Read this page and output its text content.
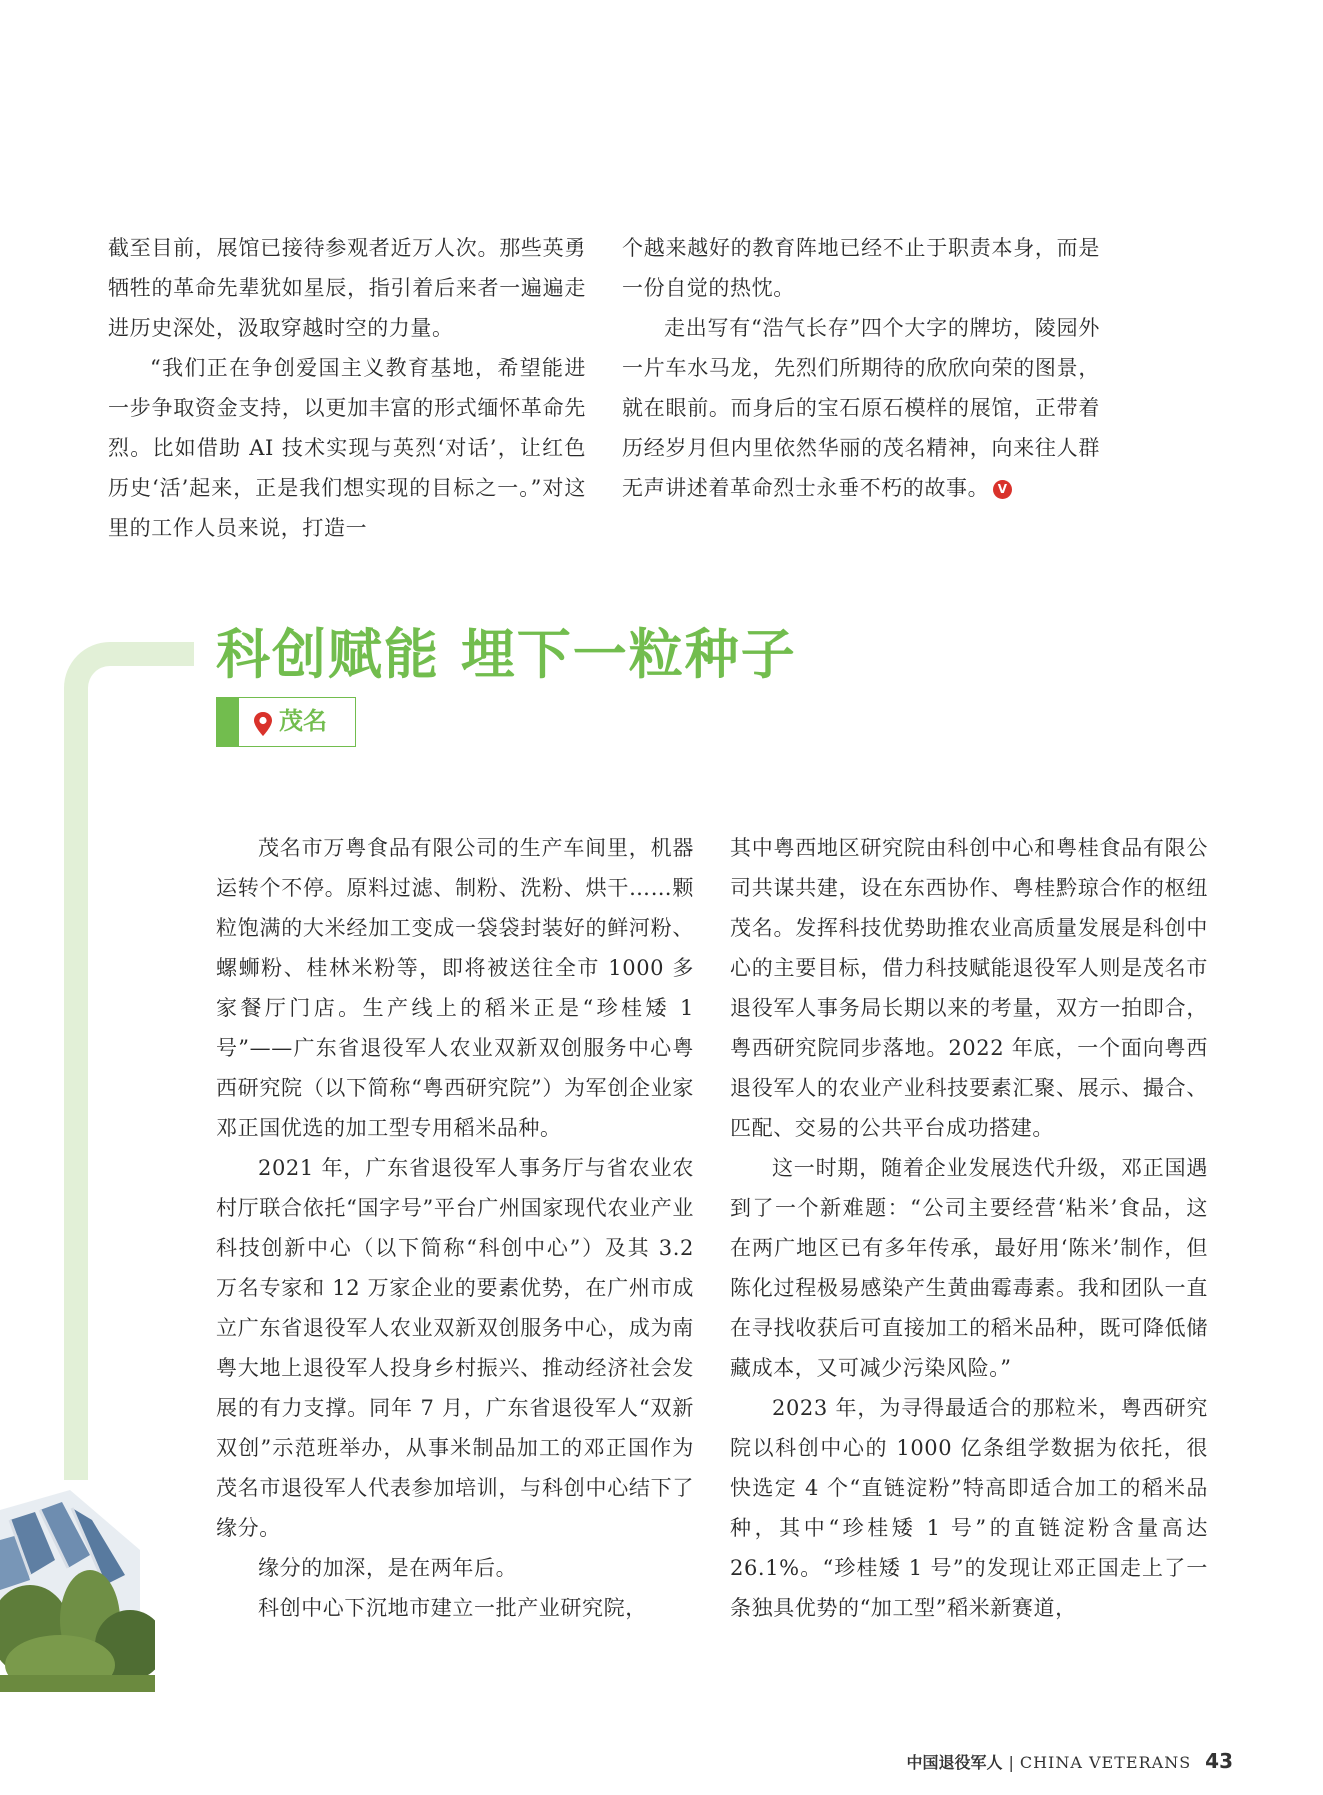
截至目前，展馆已接待参观者近万人次。那些英勇牺牲的革命先辈犹如星辰，指引着后来者一遍遍走进历史深处，汲取穿越时空的力量。

“我们正在争创爱国主义教育基地，希望能进一步争取资金支持，以更加丰富的形式缅怀革命先烈。比如借助 AI 技术实现与英烈‘对话’，让红色历史‘活’起来，正是我们想实现的目标之一。”对这里的工作人员来说，打造一

个越来越好的教育阵地已经不止于职责本身，而是一份自觉的热忱。

走出写有“浩气长存”四个大字的牌坊，陵园外一片车水马龙，先烈们所期待的欣欣向荣的图景，就在眼前。而身后的宝石原石模样的展馆，正带着历经岁月但内里依然华丽的茂名精神，向来往人群无声讲述着革命烈士永垂不朽的故事。 V

科创赋能 埋下一粒种子
茂名

茂名市万粤食品有限公司的生产车间里，机器运转个不停。原料过滤、制粉、洗粉、烘干……颗粒饱满的大米经加工变成一袋袋封装好的鲜河粉、螺蛳粉、桂林米粉等，即将被送往全市 1000 多家餐厅门店。生产线上的稻米正是“珍桂矮 1 号”——广东省退役军人农业双新双创服务中心粤西研究院（以下简称“粤西研究院”）为军创企业家邓正国优选的加工型专用稻米品种。

2021 年，广东省退役军人事务厅与省农业农村厅联合依托“国字号”平台广州国家现代农业产业科技创新中心（以下简称“科创中心”）及其 3.2 万名专家和 12 万家企业的要素优势，在广州市成立广东省退役军人农业双新双创服务中心，成为南粤大地上退役军人投身乡村振兴、推动经济社会发展的有力支撑。同年 7 月，广东省退役军人“双新双创”示范班举办，从事米制品加工的邓正国作为茂名市退役军人代表参加培训，与科创中心结下了缘分。

缘分的加深，是在两年后。

科创中心下沉地市建立一批产业研究院，

其中粤西地区研究院由科创中心和粤桂食品有限公司共谋共建，设在东西协作、粤桂黔琼合作的枢纽茂名。发挥科技优势助推农业高质量发展是科创中心的主要目标，借力科技赋能退役军人则是茂名市退役军人事务局长期以来的考量，双方一拍即合，粤西研究院同步落地。2022 年底，一个面向粤西退役军人的农业产业科技要素汇聚、展示、撮合、匹配、交易的公共平台成功搭建。

这一时期，随着企业发展迭代升级，邓正国遇到了一个新难题：“公司主要经营‘粘米’食品，这在两广地区已有多年传承，最好用‘陈米’制作，但陈化过程极易感染产生黄曲霉毒素。我和团队一直在寻找收获后可直接加工的稻米品种，既可降低储藏成本，又可减少污染风险。”

2023 年，为寻得最适合的那粒米，粤西研究院以科创中心的 1000 亿条组学数据为依托，很快选定 4 个“直链淀粉”特高即适合加工的稻米品种，其中“珍桂矮 1 号”的直链淀粉含量高达 26.1%。“珍桂矮 1 号”的发现让邓正国走上了一条独具优势的“加工型”稻米新赛道，

中国退役军人 | CHINA VETERANS 43
